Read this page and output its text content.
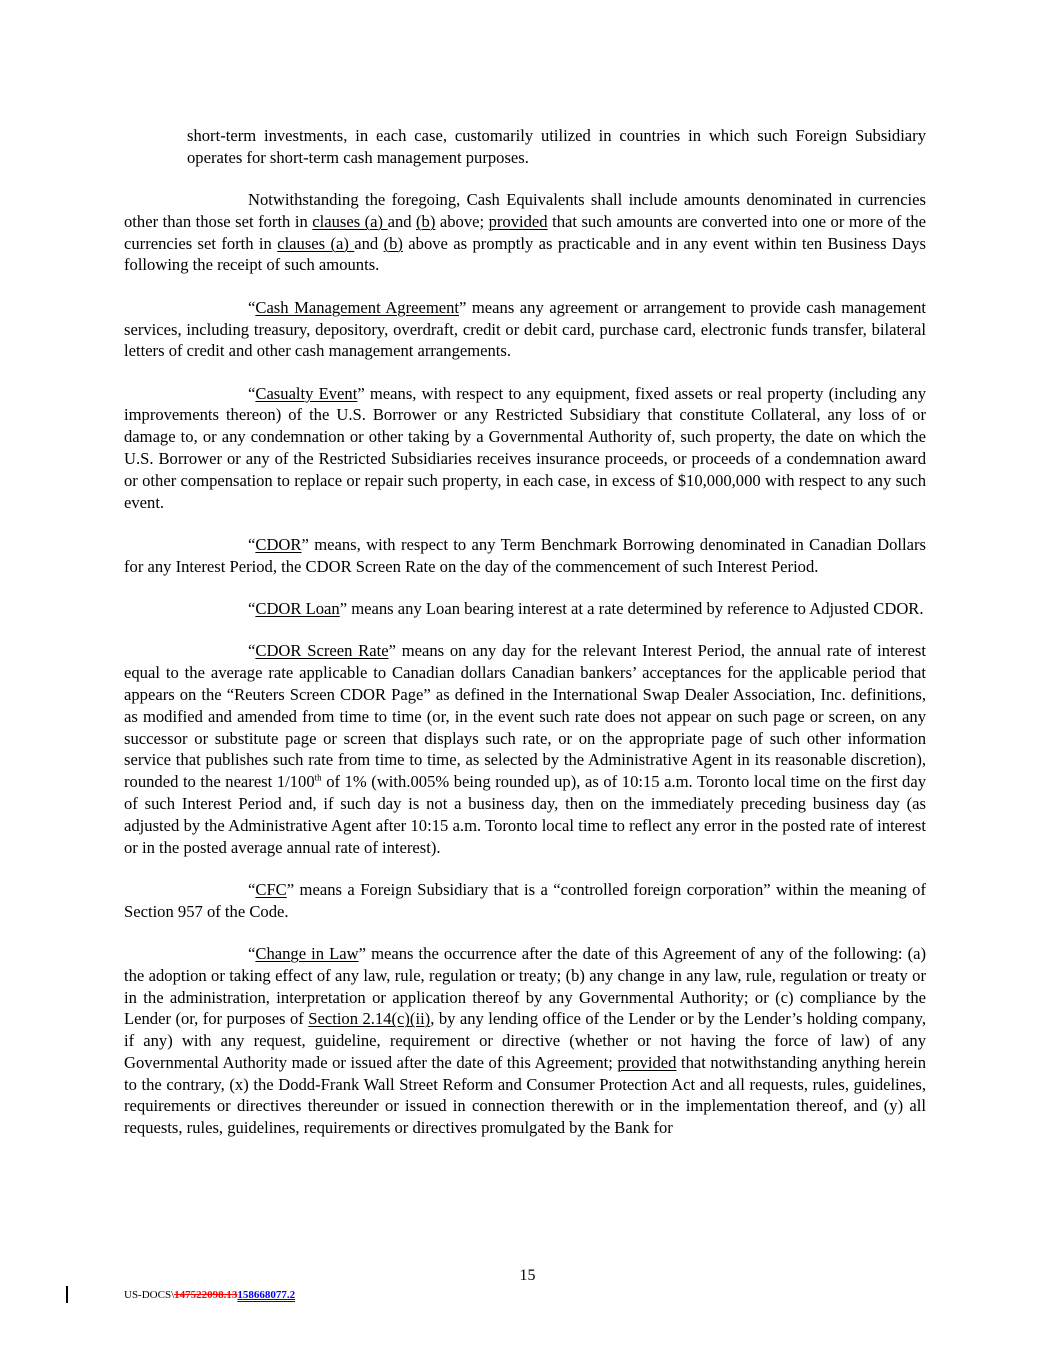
short-term investments, in each case, customarily utilized in countries in which such Foreign Subsidiary operates for short-term cash management purposes.

Notwithstanding the foregoing, Cash Equivalents shall include amounts denominated in currencies other than those set forth in clauses (a) and (b) above; provided that such amounts are converted into one or more of the currencies set forth in clauses (a) and (b) above as promptly as practicable and in any event within ten Business Days following the receipt of such amounts.

“Cash Management Agreement” means any agreement or arrangement to provide cash management services, including treasury, depository, overdraft, credit or debit card, purchase card, electronic funds transfer, bilateral letters of credit and other cash management arrangements.

“Casualty Event” means, with respect to any equipment, fixed assets or real property (including any improvements thereon) of the U.S. Borrower or any Restricted Subsidiary that constitute Collateral, any loss of or damage to, or any condemnation or other taking by a Governmental Authority of, such property, the date on which the U.S. Borrower or any of the Restricted Subsidiaries receives insurance proceeds, or proceeds of a condemnation award or other compensation to replace or repair such property, in each case, in excess of $10,000,000 with respect to any such event.

“CDOR” means, with respect to any Term Benchmark Borrowing denominated in Canadian Dollars for any Interest Period, the CDOR Screen Rate on the day of the commencement of such Interest Period.

“CDOR Loan” means any Loan bearing interest at a rate determined by reference to Adjusted CDOR.

“CDOR Screen Rate” means on any day for the relevant Interest Period, the annual rate of interest equal to the average rate applicable to Canadian dollars Canadian bankers’ acceptances for the applicable period that appears on the “Reuters Screen CDOR Page” as defined in the International Swap Dealer Association, Inc. definitions, as modified and amended from time to time (or, in the event such rate does not appear on such page or screen, on any successor or substitute page or screen that displays such rate, or on the appropriate page of such other information service that publishes such rate from time to time, as selected by the Administrative Agent in its reasonable discretion), rounded to the nearest 1/100th of 1% (with.005% being rounded up), as of 10:15 a.m. Toronto local time on the first day of such Interest Period and, if such day is not a business day, then on the immediately preceding business day (as adjusted by the Administrative Agent after 10:15 a.m. Toronto local time to reflect any error in the posted rate of interest or in the posted average annual rate of interest).

“CFC” means a Foreign Subsidiary that is a “controlled foreign corporation” within the meaning of Section 957 of the Code.

“Change in Law” means the occurrence after the date of this Agreement of any of the following: (a) the adoption or taking effect of any law, rule, regulation or treaty; (b) any change in any law, rule, regulation or treaty or in the administration, interpretation or application thereof by any Governmental Authority; or (c) compliance by the Lender (or, for purposes of Section 2.14(c)(ii), by any lending office of the Lender or by the Lender’s holding company, if any) with any request, guideline, requirement or directive (whether or not having the force of law) of any Governmental Authority made or issued after the date of this Agreement; provided that notwithstanding anything herein to the contrary, (x) the Dodd-Frank Wall Street Reform and Consumer Protection Act and all requests, rules, guidelines, requirements or directives thereunder or issued in connection therewith or in the implementation thereof, and (y) all requests, rules, guidelines, requirements or directives promulgated by the Bank for

15
US-DOCS\147522098.13158668077.2
